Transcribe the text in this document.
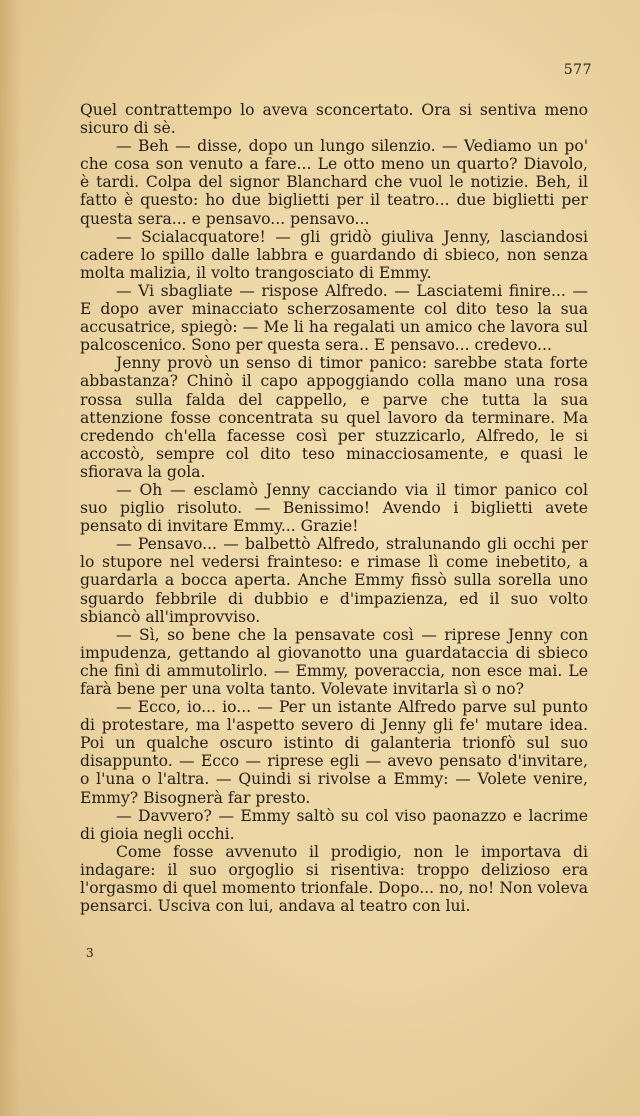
577

Quel contrattempo lo aveva sconcertato. Ora si sentiva meno sicuro di sè.

— Beh — disse, dopo un lungo silenzio. — Vediamo un po' che cosa son venuto a fare... Le otto meno un quarto? Diavolo, è tardi. Colpa del signor Blanchard che vuol le notizie. Beh, il fatto è questo: ho due biglietti per il teatro... due biglietti per questa sera... e pensavo... pensavo...

— Scialacquatore! — gli gridò giuliva Jenny, lasciandosi cadere lo spillo dalle labbra e guardando di sbieco, non senza molta malizia, il volto trangosciato di Emmy.

— Vi sbagliate — rispose Alfredo. — Lasciatemi finire... — E dopo aver minacciato scherzosamente col dito teso la sua accusatrice, spiegò: — Me li ha regalati un amico che lavora sul palcoscenico. Sono per questa sera.. E pensavo... credevo...

Jenny provò un senso di timor panico: sarebbe stata forte abbastanza? Chinò il capo appoggiando colla mano una rosa rossa sulla falda del cappello, e parve che tutta la sua attenzione fosse concentrata su quel lavoro da terminare. Ma credendo ch'ella facesse così per stuzzicarlo, Alfredo, le si accostò, sempre col dito teso minacciosamente, e quasi le sfiorava la gola.

— Oh — esclamò Jenny cacciando via il timor panico col suo piglio risoluto. — Benissimo! Avendo i biglietti avete pensato di invitare Emmy... Grazie!

— Pensavo... — balbettò Alfredo, stralunando gli occhi per lo stupore nel vedersi frainteso: e rimase lì come inebetito, a guardarla a bocca aperta. Anche Emmy fissò sulla sorella uno sguardo febbrile di dubbio e d'impazienza, ed il suo volto sbiancò all'improvviso.

— Sì, so bene che la pensavate così — riprese Jenny con impudenza, gettando al giovanotto una guardataccia di sbieco che finì di ammutolirlo. — Emmy, poveraccia, non esce mai. Le farà bene per una volta tanto. Volevate invitarla sì o no?

— Ecco, io... io... — Per un istante Alfredo parve sul punto di protestare, ma l'aspetto severo di Jenny gli fe' mutare idea. Poi un qualche oscuro istinto di galanteria trionfò sul suo disappunto. — Ecco — riprese egli — avevo pensato d'invitare, o l'una o l'altra. — Quindi si rivolse a Emmy: — Volete venire, Emmy? Bisognerà far presto.

— Davvero? — Emmy saltò su col viso paonazzo e lacrime di gioia negli occhi.

Come fosse avvenuto il prodigio, non le importava di indagare: il suo orgoglio si risentiva: troppo delizioso era l'orgasmo di quel momento trionfale. Dopo... no, no! Non voleva pensarci. Usciva con lui, andava al teatro con lui.

3
